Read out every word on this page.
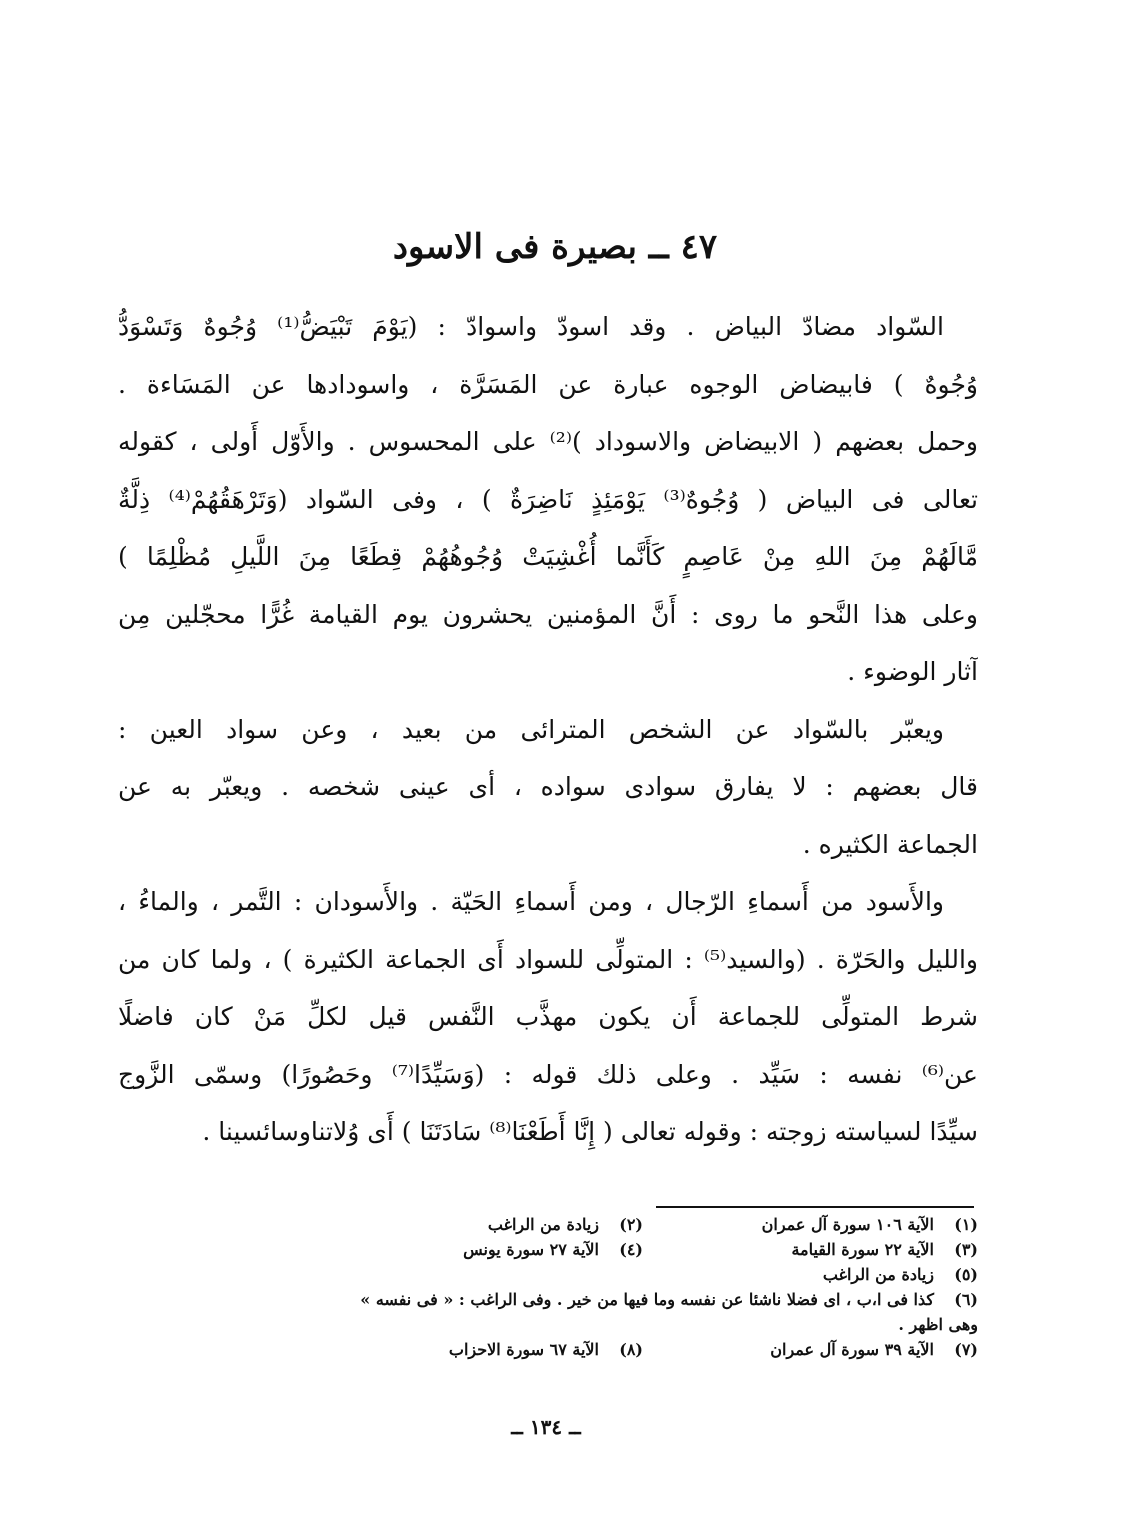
٤٧ ــ بصيرة فى الاسود
السّواد مضادّ البياض . وقد اسودّ واسوادّ : (يَوْمَ تَبْيَضُّ⁽¹⁾ وُجُوهٌ وَتَسْوَدُّ
وُجُوهٌ ) فابيضاض الوجوه عبارة عن المَسَرَّة ، واسودادها عن المَسَاءة .
وحمل بعضهم ( الابيضاض والاسوداد )⁽²⁾ على المحسوس . والأَوّل أَولى ، كقوله
تعالى فى البياض ( وُجُوهٌ⁽³⁾ يَوْمَئِذٍ نَاضِرَةٌ ) ، وفى السّواد (وَتَرْهَقُهُمْ⁽⁴⁾ ذِلَّةٌ
مَّالَهُمْ مِنَ اللهِ مِنْ عَاصِمٍ كَأَنَّما أُغْشِيَتْ وُجُوهُهُمْ قِطَعًا مِنَ اللَّيلِ مُظْلِمًا )
وعلى هذا النَّحو ما روى : أَنَّ المؤمنين يحشرون يوم القيامة غُرًّا محجّلين مِن
آثار الوضوء .
ويعبّر بالسّواد عن الشخص المترائى من بعيد ، وعن سواد العين :
قال بعضهم : لا يفارق سوادى سواده ، أى عينى شخصه . ويعبّر به عن
الجماعة الكثيره .
والأَسود من أَسماءِ الرّجال ، ومن أَسماءِ الحَيّة . والأَسودان : التَّمر ، والماءُ ،
والليل والحَرّة . (والسيد⁽⁵⁾ : المتولِّى للسواد أَى الجماعة الكثيرة ) ، ولما كان من
شرط المتولِّى للجماعة أَن يكون مهذَّب النَّفس قيل لكلِّ مَنْ كان فاضلًا
عن⁽⁶⁾ نفسه : سَيِّد . وعلى ذلك قوله : (وَسَيِّدًا⁽⁷⁾ وحَصُورًا) وسمّى الزَّوج
سيِّدًا لسياسته زوجته : وقوله تعالى ( إِنَّا أَطَعْنَا⁽⁸⁾ سَادَتَنَا ) أَى وُلاتناوسائسينا .
(١)
الآية ١٠٦ سورة آل عمران
(٢)
زيادة من الراغب
(٣)
الآية ٢٢ سورة القيامة
(٤)
الآية ٢٧ سورة يونس
(٥)
زيادة من الراغب
(٦)
كذا فى ا،ب ، اى فضلا ناشئا عن نفسه وما فيها من خير . وفى الراغب : « فى نفسه »
وهى اظهر .
(٧)
الآية ٣٩ سورة آل عمران
(٨)
الآية ٦٧ سورة الاحزاب
ــ ١٣٤ ــ
